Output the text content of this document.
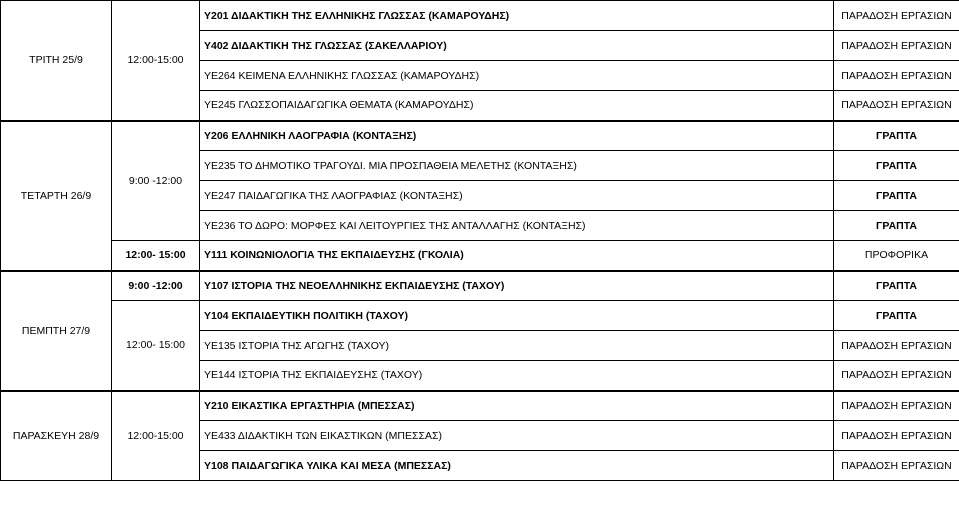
ΤΡΙΤΗ 25/9	12:00-15:00	Υ201 ΔΙΔΑΚΤΙΚΗ ΤΗΣ ΕΛΛΗΝΙΚΗΣ ΓΛΩΣΣΑΣ (ΚΑΜΑΡΟΥΔΗΣ)	ΠΑΡΑΔΟΣΗ ΕΡΓΑΣΙΩΝ
		Υ402 ΔΙΔΑΚΤΙΚΗ ΤΗΣ ΓΛΩΣΣΑΣ (ΣΑΚΕΛΛΑΡΙΟΥ)	ΠΑΡΑΔΟΣΗ ΕΡΓΑΣΙΩΝ
		ΥΕ264 ΚΕΙΜΕΝΑ ΕΛΛΗΝΙΚΗΣ ΓΛΩΣΣΑΣ (ΚΑΜΑΡΟΥΔΗΣ)	ΠΑΡΑΔΟΣΗ ΕΡΓΑΣΙΩΝ
		ΥΕ245 ΓΛΩΣΣΟΠΑΙΔΑΓΩΓΙΚΑ ΘΕΜΑΤΑ (ΚΑΜΑΡΟΥΔΗΣ)	ΠΑΡΑΔΟΣΗ ΕΡΓΑΣΙΩΝ
ΤΕΤΑΡΤΗ 26/9	9:00 -12:00	Υ206 ΕΛΛΗΝΙΚΗ ΛΑΟΓΡΑΦΙΑ (ΚΟΝΤΑΞΗΣ)	ΓΡΑΠΤΑ
		ΥΕ235 ΤΟ ΔΗΜΟΤΙΚΟ ΤΡΑΓΟΥΔΙ. ΜΙΑ ΠΡΟΣΠΑΘΕΙΑ ΜΕΛΕΤΗΣ (ΚΟΝΤΑΞΗΣ)	ΓΡΑΠΤΑ
		ΥΕ247 ΠΑΙΔΑΓΩΓΙΚΑ ΤΗΣ ΛΑΟΓΡΑΦΙΑΣ (ΚΟΝΤΑΞΗΣ)	ΓΡΑΠΤΑ
		ΥΕ236 ΤΟ ΔΩΡΟ: ΜΟΡΦΕΣ ΚΑΙ ΛΕΙΤΟΥΡΓΙΕΣ ΤΗΣ ΑΝΤΑΛΛΑΓΗΣ (ΚΟΝΤΑΞΗΣ)	ΓΡΑΠΤΑ
	12:00- 15:00	Υ111 ΚΟΙΝΩΝΙΟΛΟΓΙΑ ΤΗΣ ΕΚΠΑΙΔΕΥΣΗΣ (ΓΚΟΛΙΑ)	ΠΡΟΦΟΡΙΚΑ
ΠΕΜΠΤΗ 27/9	9:00 -12:00	Υ107 ΙΣΤΟΡΙΑ ΤΗΣ ΝΕΟΕΛΛΗΝΙΚΗΣ ΕΚΠΑΙΔΕΥΣΗΣ (ΤΑΧΟΥ)	ΓΡΑΠΤΑ
	12:00- 15:00	Υ104 ΕΚΠΑΙΔΕΥΤΙΚΗ ΠΟΛΙΤΙΚΗ (ΤΑΧΟΥ)	ΓΡΑΠΤΑ
		ΥΕ135 ΙΣΤΟΡΙΑ ΤΗΣ ΑΓΩΓΗΣ (ΤΑΧΟΥ)	ΠΑΡΑΔΟΣΗ ΕΡΓΑΣΙΩΝ
		ΥΕ144 ΙΣΤΟΡΙΑ ΤΗΣ ΕΚΠΑΙΔΕΥΣΗΣ (ΤΑΧΟΥ)	ΠΑΡΑΔΟΣΗ ΕΡΓΑΣΙΩΝ
ΠΑΡΑΣΚΕΥΗ 28/9	12:00-15:00	Υ210 ΕΙΚΑΣΤΙΚΑ ΕΡΓΑΣΤΗΡΙΑ (ΜΠΕΣΣΑΣ)	ΠΑΡΑΔΟΣΗ ΕΡΓΑΣΙΩΝ
		ΥΕ433 ΔΙΔΑΚΤΙΚΗ ΤΩΝ ΕΙΚΑΣΤΙΚΩΝ (ΜΠΕΣΣΑΣ)	ΠΑΡΑΔΟΣΗ ΕΡΓΑΣΙΩΝ
		Υ108 ΠΑΙΔΑΓΩΓΙΚΑ ΥΛΙΚΑ ΚΑΙ ΜΕΣΑ (ΜΠΕΣΣΑΣ)	ΠΑΡΑΔΟΣΗ ΕΡΓΑΣΙΩΝ
